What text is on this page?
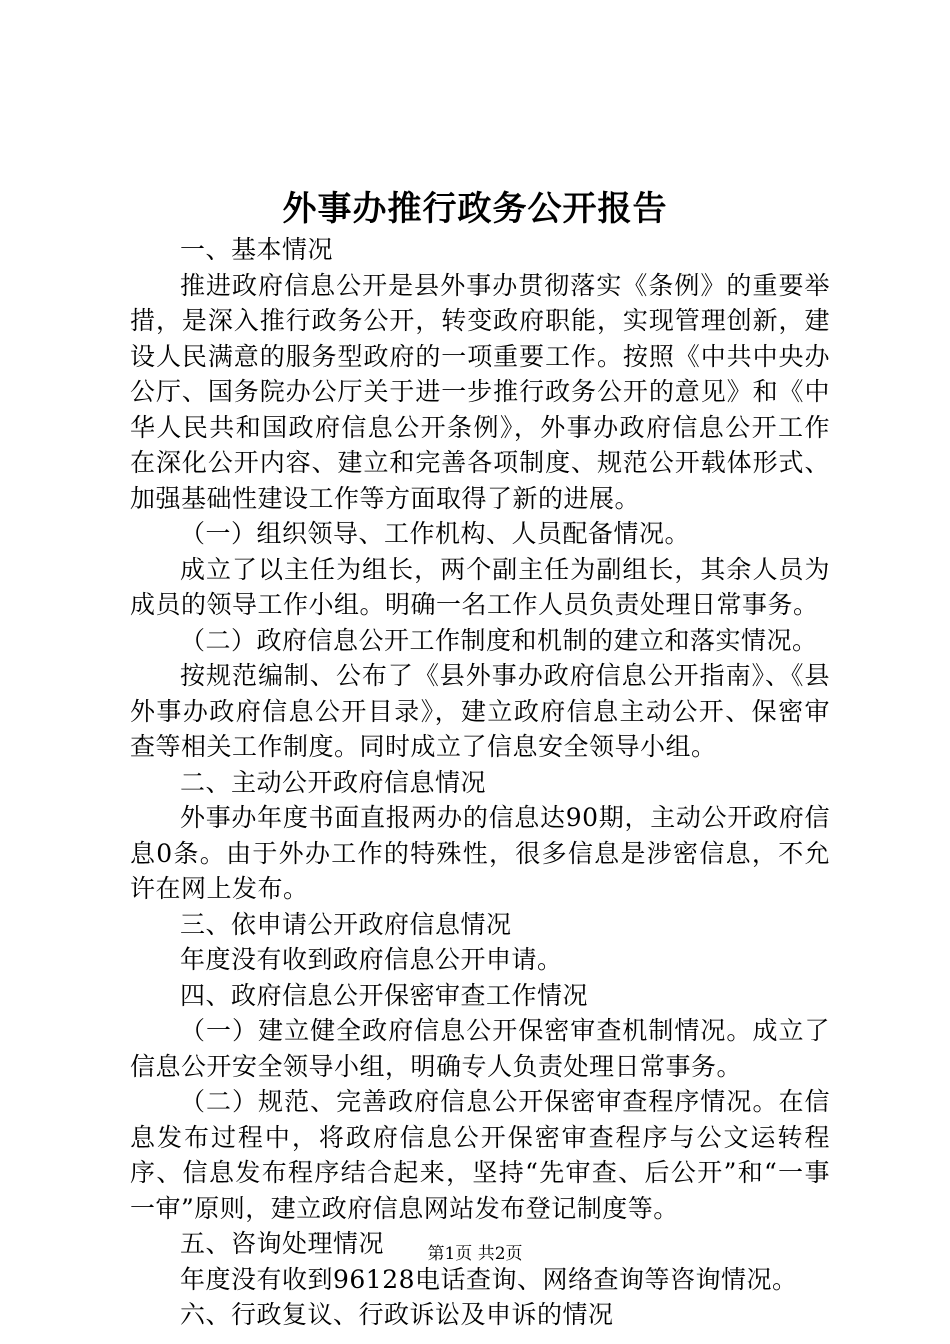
外事办推行政务公开报告

一、基本情况

推进政府信息公开是县外事办贯彻落实《条例》的重要举措，是深入推行政务公开，转变政府职能，实现管理创新，建设人民满意的服务型政府的一项重要工作。按照《中共中央办公厅、国务院办公厅关于进一步推行政务公开的意见》和《中华人民共和国政府信息公开条例》，外事办政府信息公开工作在深化公开内容、建立和完善各项制度、规范公开载体形式、加强基础性建设工作等方面取得了新的进展。

（一）组织领导、工作机构、人员配备情况。

成立了以主任为组长，两个副主任为副组长，其余人员为成员的领导工作小组。明确一名工作人员负责处理日常事务。

（二）政府信息公开工作制度和机制的建立和落实情况。

按规范编制、公布了《县外事办政府信息公开指南》、《县外事办政府信息公开目录》，建立政府信息主动公开、保密审查等相关工作制度。同时成立了信息安全领导小组。

二、主动公开政府信息情况

外事办年度书面直报两办的信息达90期，主动公开政府信息0条。由于外办工作的特殊性，很多信息是涉密信息，不允许在网上发布。

三、依申请公开政府信息情况

年度没有收到政府信息公开申请。

四、政府信息公开保密审查工作情况

（一）建立健全政府信息公开保密审查机制情况。成立了信息公开安全领导小组，明确专人负责处理日常事务。

（二）规范、完善政府信息公开保密审查程序情况。在信息发布过程中，将政府信息公开保密审查程序与公文运转程序、信息发布程序结合起来，坚持“先审查、后公开”和“一事一审”原则，建立政府信息网站发布登记制度等。

五、咨询处理情况

年度没有收到96128电话查询、网络查询等咨询情况。

六、行政复议、行政诉讼及申诉的情况

第1页 共2页
